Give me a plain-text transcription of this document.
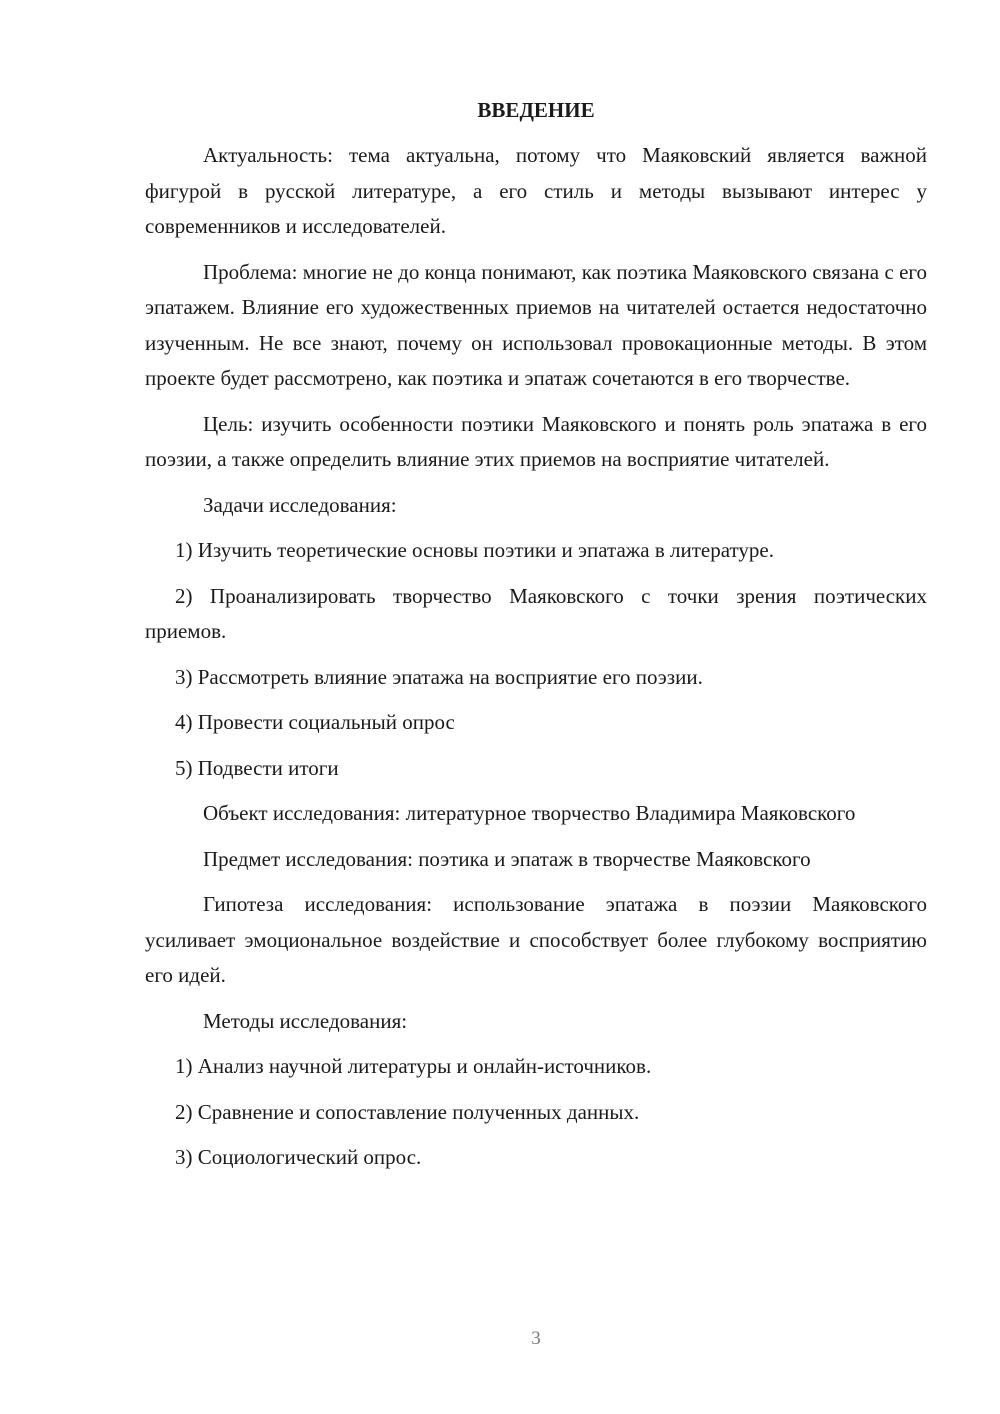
ВВЕДЕНИЕ
Актуальность: тема актуальна, потому что Маяковский является важной фигурой в русской литературе, а его стиль и методы вызывают интерес у современников и исследователей.
Проблема: многие не до конца понимают, как поэтика Маяковского связана с его эпатажем. Влияние его художественных приемов на читателей остается недостаточно изученным. Не все знают, почему он использовал провокационные методы. В этом проекте будет рассмотрено, как поэтика и эпатаж сочетаются в его творчестве.
Цель: изучить особенности поэтики Маяковского и понять роль эпатажа в его поэзии, а также определить влияние этих приемов на восприятие читателей.
Задачи исследования:
1) Изучить теоретические основы поэтики и эпатажа в литературе.
2) Проанализировать творчество Маяковского с точки зрения поэтических приемов.
3) Рассмотреть влияние эпатажа на восприятие его поэзии.
4) Провести социальный опрос
5) Подвести итоги
Объект исследования: литературное творчество Владимира Маяковского
Предмет исследования: поэтика и эпатаж в творчестве Маяковского
Гипотеза исследования: использование эпатажа в поэзии Маяковского усиливает эмоциональное воздействие и способствует более глубокому восприятию его идей.
Методы исследования:
1) Анализ научной литературы и онлайн-источников.
2) Сравнение и сопоставление полученных данных.
3) Социологический опрос.
3
